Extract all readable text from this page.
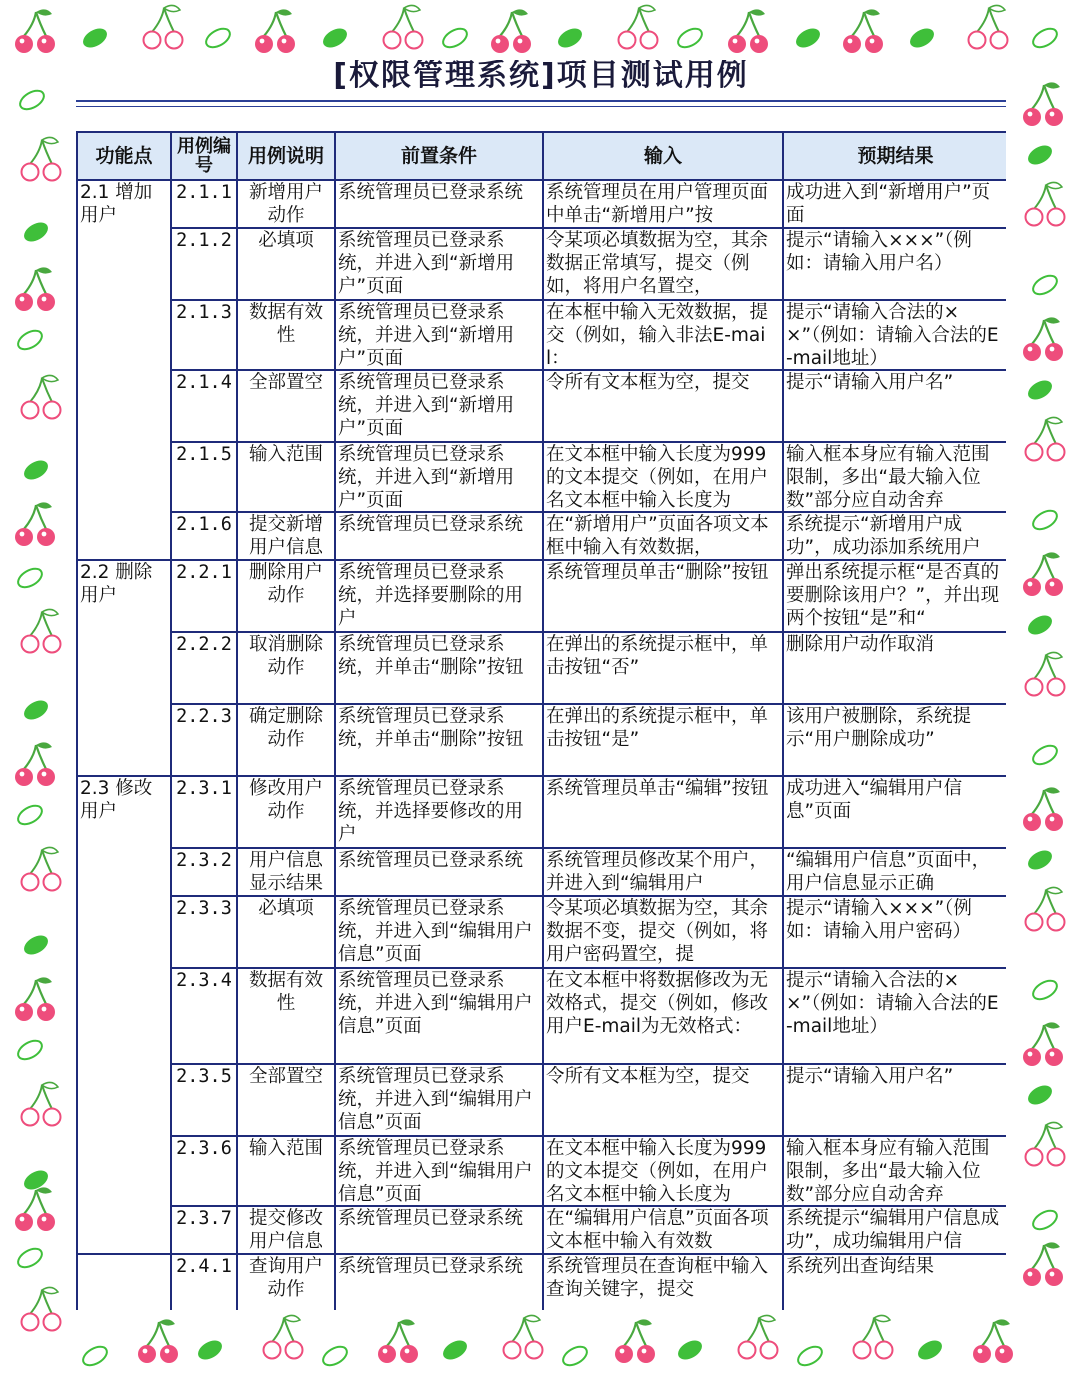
[权限管理系统]项目测试用例
功能点	用例编号	用例说明	前置条件	输入	预期结果
2.1 增加用户	2.1.1	新增用户动作	系统管理员已登录系统	系统管理员在用户管理页面中单击“新增用户”按	成功进入到“新增用户”页面

	2.1.2	必填项	系统管理员已登录系统，并进入到“新增用户”页面	令某项必填数据为空，其余数据正常填写，提交（例如，将用户名置空，	提示“请输入×××”（例如：请输入用户名）

	2.1.3	数据有效性	系统管理员已登录系统，并进入到“新增用户”页面	在本框中输入无效数据，提交（例如，输入非法E-mail：	提示“请输入合法的××”（例如：请输入合法的E-mail地址）

	2.1.4	全部置空	系统管理员已登录系统，并进入到“新增用户”页面	令所有文本框为空，提交	提示“请输入用户名”

	2.1.5	输入范围	系统管理员已登录系统，并进入到“新增用户”页面	在文本框中输入长度为999的文本提交（例如，在用户名文本框中输入长度为	输入框本身应有输入范围限制，多出“最大输入位数”部分应自动舍弃

	2.1.6	提交新增用户信息	系统管理员已登录系统	在“新增用户”页面各项文本框中输入有效数据，	系统提示“新增用户成功”，成功添加系统用户

2.2 删除用户	2.2.1	删除用户动作	系统管理员已登录系统，并选择要删除的用户	系统管理员单击“删除”按钮	弹出系统提示框“是否真的要删除该用户？”，并出现两个按钮“是”和“

	2.2.2	取消删除动作	系统管理员已登录系统，并单击“删除”按钮	在弹出的系统提示框中，单击按钮“否”	删除用户动作取消

	2.2.3	确定删除动作	系统管理员已登录系统，并单击“删除”按钮	在弹出的系统提示框中，单击按钮“是”	该用户被删除，系统提示“用户删除成功”

2.3 修改用户	2.3.1	修改用户动作	系统管理员已登录系统，并选择要修改的用户	系统管理员单击“编辑”按钮	成功进入“编辑用户信息”页面

	2.3.2	用户信息显示结果	系统管理员已登录系统	系统管理员修改某个用户，并进入到“编辑用户	“编辑用户信息”页面中，用户信息显示正确

	2.3.3	必填项	系统管理员已登录系统，并进入到“编辑用户信息”页面	令某项必填数据为空，其余数据不变，提交（例如，将用户密码置空，提	提示“请输入×××”（例如：请输入用户密码）

	2.3.4	数据有效性	系统管理员已登录系统，并进入到“编辑用户信息”页面	在文本框中将数据修改为无效格式，提交（例如，修改用户E-mail为无效格式：	提示“请输入合法的××”（例如：请输入合法的E-mail地址）

	2.3.5	全部置空	系统管理员已登录系统，并进入到“编辑用户信息”页面	令所有文本框为空，提交	提示“请输入用户名”

	2.3.6	输入范围	系统管理员已登录系统，并进入到“编辑用户信息”页面	在文本框中输入长度为999的文本提交（例如，在用户名文本框中输入长度为	输入框本身应有输入范围限制，多出“最大输入位数”部分应自动舍弃

	2.3.7	提交修改用户信息	系统管理员已登录系统	在“编辑用户信息”页面各项文本框中输入有效数	系统提示“编辑用户信息成功”，成功编辑用户信

	2.4.1	查询用户动作	系统管理员已登录系统	系统管理员在查询框中输入查询关键字，提交	系统列出查询结果
